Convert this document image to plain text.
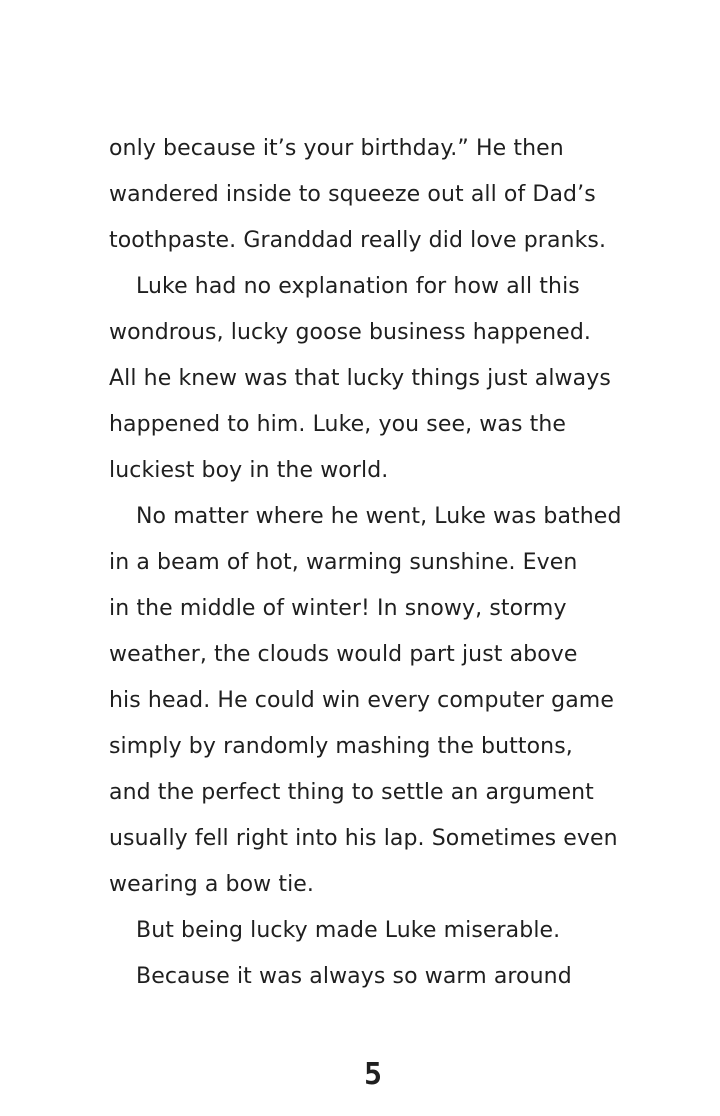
only because it’s your birthday.” He then
wandered inside to squeeze out all of Dad’s
toothpaste. Granddad really did love pranks.
Luke had no explanation for how all this
wondrous, lucky goose business happened.
All he knew was that lucky things just always
happened to him. Luke, you see, was the
luckiest boy in the world.
No matter where he went, Luke was bathed
in a beam of hot, warming sunshine. Even
in the middle of winter! In snowy, stormy
weather, the clouds would part just above
his head. He could win every computer game
simply by randomly mashing the buttons,
and the perfect thing to settle an argument
usually fell right into his lap. Sometimes even
wearing a bow tie.
But being lucky made Luke miserable.
Because it was always so warm around
5
